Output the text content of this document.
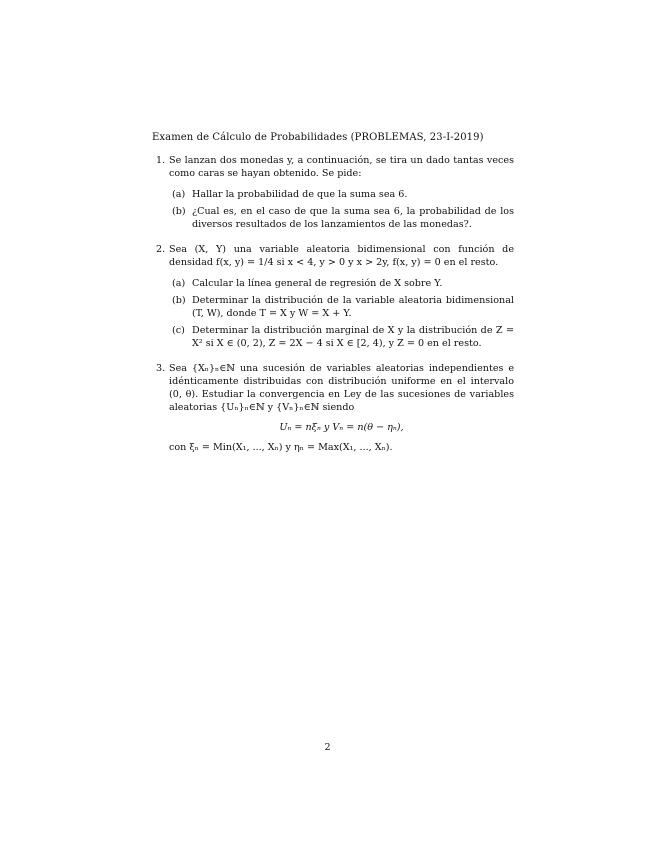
Examen de Cálculo de Probabilidades (PROBLEMAS, 23-I-2019)
1. Se lanzan dos monedas y, a continuación, se tira un dado tantas veces como caras se hayan obtenido. Se pide:
(a) Hallar la probabilidad de que la suma sea 6.
(b) ¿Cual es, en el caso de que la suma sea 6, la probabilidad de los diversos resultados de los lanzamientos de las monedas?.
2. Sea (X, Y) una variable aleatoria bidimensional con función de densidad f(x, y) = 1/4 si x < 4, y > 0 y x > 2y, f(x, y) = 0 en el resto.
(a) Calcular la línea general de regresión de X sobre Y.
(b) Determinar la distribución de la variable aleatoria bidimensional (T, W), donde T = X y W = X + Y.
(c) Determinar la distribución marginal de X y la distribución de Z = X² si X ∈ (0, 2), Z = 2X − 4 si X ∈ [2, 4), y Z = 0 en el resto.
3. Sea {Xₙ}ₙ∈ℕ una sucesión de variables aleatorias independientes e idénticamente distribuidas con distribución uniforme en el intervalo (0, θ). Estudiar la convergencia en Ley de las sucesiones de variables aleatorias {Uₙ}ₙ∈ℕ y {Vₙ}ₙ∈ℕ siendo
Uₙ = nξₙ y Vₙ = n(θ − ηₙ),
con ξₙ = Min(X₁, ..., Xₙ) y ηₙ = Max(X₁, ..., Xₙ).
2
